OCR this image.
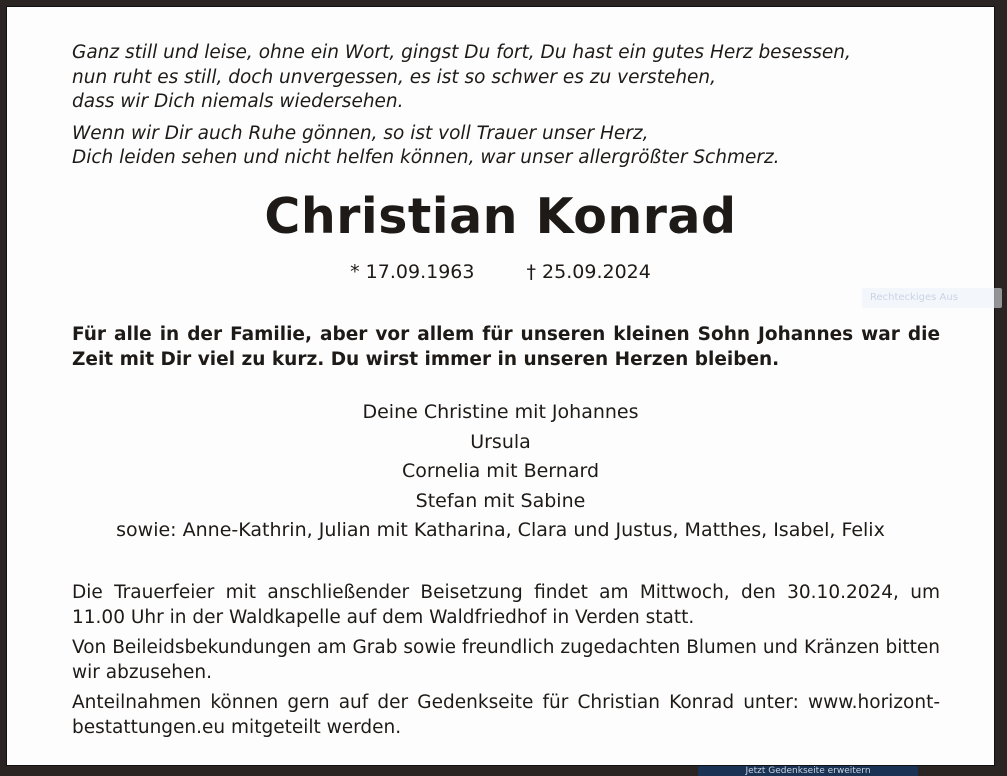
Ganz still und leise, ohne ein Wort, gingst Du fort, Du hast ein gutes Herz besessen,
nun ruht es still, doch unvergessen, es ist so schwer es zu verstehen,
dass wir Dich niemals wiedersehen.
Wenn wir Dir auch Ruhe gönnen, so ist voll Trauer unser Herz,
Dich leiden sehen und nicht helfen können, war unser allergrößter Schmerz.
Christian Konrad
* 17.09.1963	† 25.09.2024
Für alle in der Familie, aber vor allem für unseren kleinen Sohn Johannes war die Zeit mit Dir viel zu kurz. Du wirst immer in unseren Herzen bleiben.
Deine Christine mit Johannes
Ursula
Cornelia mit Bernard
Stefan mit Sabine
sowie: Anne-Kathrin, Julian mit Katharina, Clara und Justus, Matthes, Isabel, Felix

Die Trauerfeier mit anschließender Beisetzung findet am Mittwoch, den 30.10.2024, um 11.00 Uhr in der Waldkapelle auf dem Waldfriedhof in Verden statt.

Von Beileidsbekundungen am Grab sowie freundlich zugedachten Blumen und Kränzen bitten wir abzusehen.

Anteilnahmen können gern auf der Gedenkseite für Christian Konrad unter: www.horizont-bestattungen.eu mitgeteilt werden.

Rechteckiges Aus
Jetzt Gedenkseite erweitern
